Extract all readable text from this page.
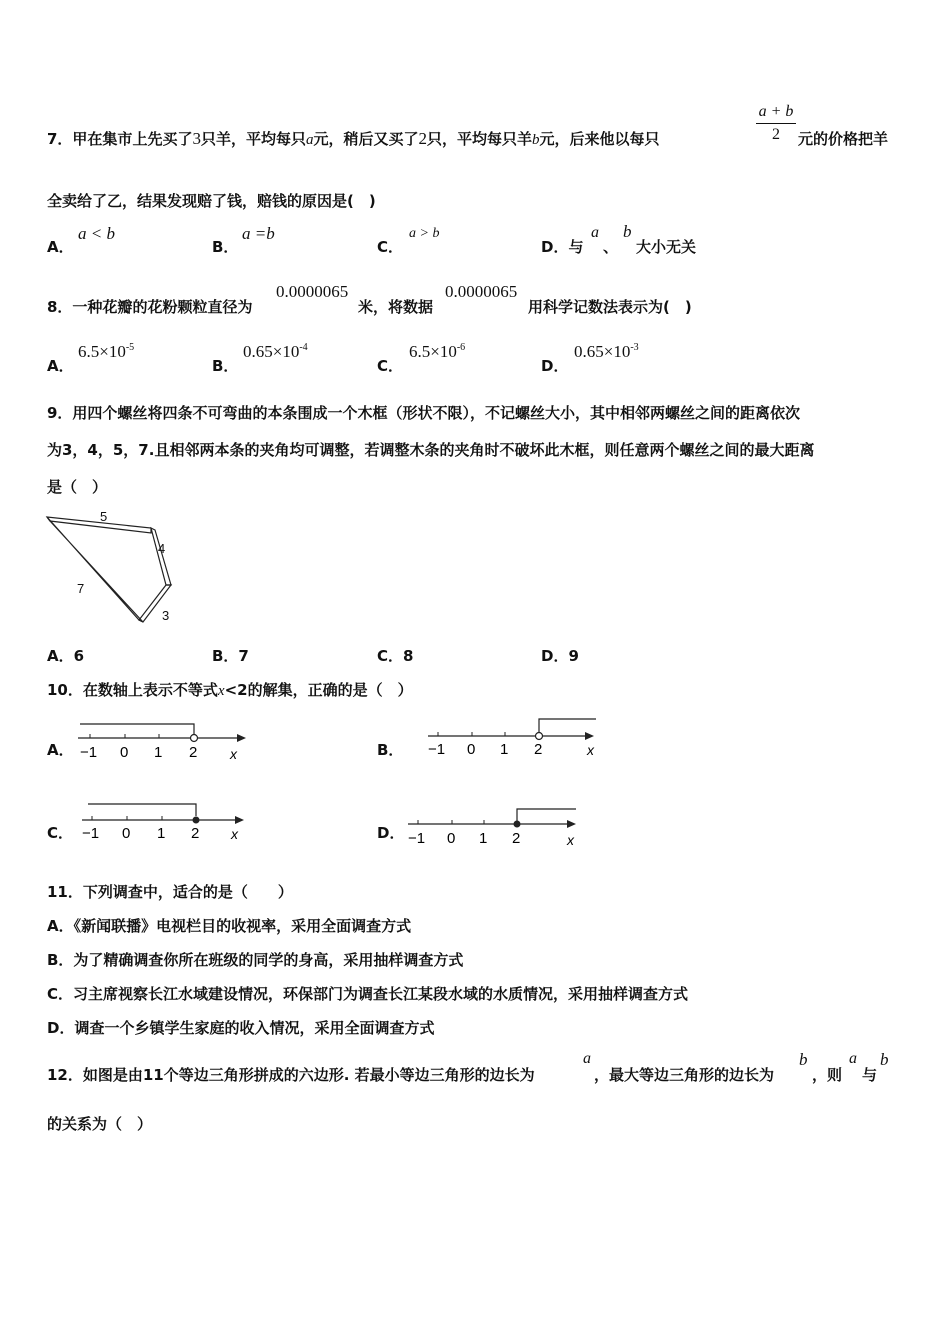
7．甲在集市上先买了3只羊，平均每只a元，稍后又买了2只，平均每只羊b元，后来他以每只
a + b
2	元的价格把羊
全卖给了乙，结果发现赔了钱，赔钱的原因是(　)
A．
a < b
B．
a =b
C．
a > b
D．与
a
、
b
大小无关
8．一种花瓣的花粉颗粒直径为
0.0000065
米，将数据
0.0000065
用科学记数法表示为(　)
A．
$6.5\times 10^{-5}$
B．
$0.65\times 10^{-4}$
C．
$6.5\times 10^{-6}$
D．
$0.65\times 10^{-3}$
9．用四个螺丝将四条不可弯曲的本条围成一个木框（形状不限），不记螺丝大小，其中相邻两螺丝之间的距离依次
为3，4，5，7.且相邻两本条的夹角均可调整，若调整木条的夹角时不破坏此木框，则任意两个螺丝之间的最大距离
是（　）
5
4
7
3
A．6	B．7	C．8	D．9
10．在数轴上表示不等式x<2的解集，正确的是（　）
A． −1 0 1 2 x	B． −1 0 1 2	x
C． −1 0 1 2 x	D． −1 0 1 2	x
11．下列调查中，适合的是（　　）
A．《新闻联播》电视栏目的收视率，采用全面调查方式
B．为了精确调查你所在班级的同学的身高，采用抽样调查方式
C．习主席视察长江水域建设情况，环保部门为调查长江某段水域的水质情况，采用抽样调查方式
D．调查一个乡镇学生家庭的收入情况，采用全面调查方式
12．如图是由11个等边三角形拼成的六边形. 若最小等边三角形的边长为
a
，最大等边三角形的边长为
b
，则
a
与
b
的关系为（　）
